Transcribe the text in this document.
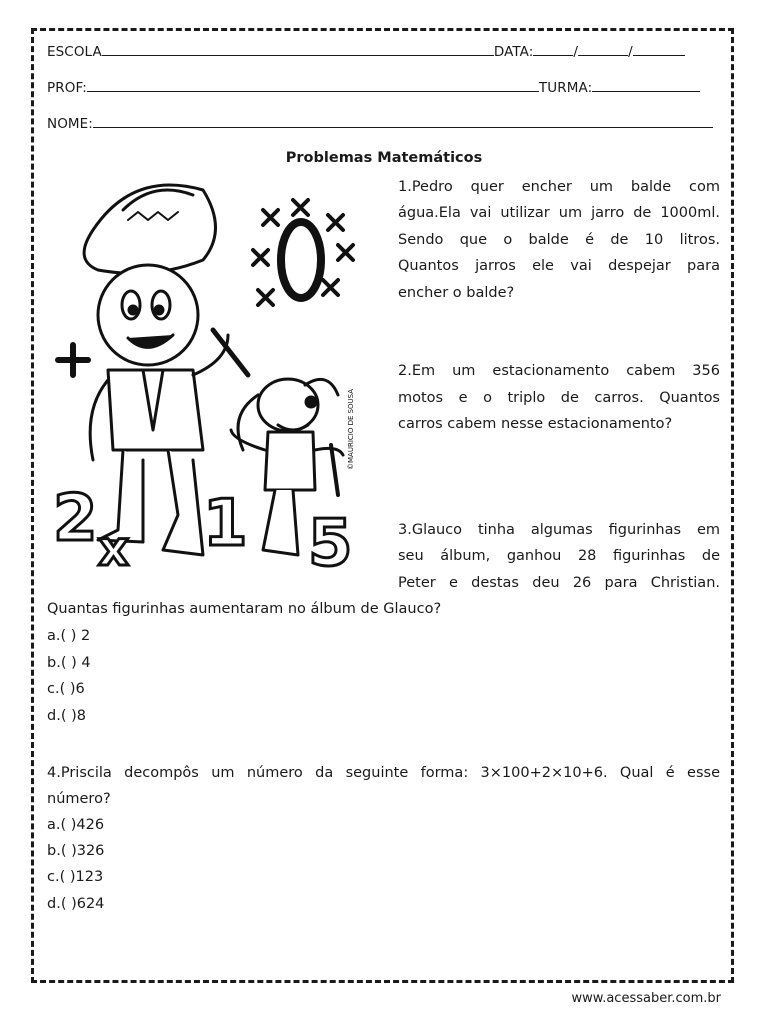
ESCOLA	DATA:	/	/
PROF:	TURMA:
NOME:
Problemas Matemáticos
2 x 1 5
©MAURICIO DE SOUSA
1.Pedro quer encher um balde com
água.Ela vai utilizar um jarro de 1000ml.
Sendo que o balde é de 10 litros.
Quantos jarros ele vai despejar para
encher o balde?
2.Em um estacionamento cabem 356
motos e o triplo de carros. Quantos
carros cabem nesse estacionamento?
3.Glauco tinha algumas figurinhas em
seu álbum, ganhou 28 figurinhas de
Peter e destas deu 26 para Christian.
Quantas figurinhas aumentaram no álbum de Glauco?
a.( ) 2
b.( ) 4
c.( )6
d.( )8
4.Priscila decompôs um número da seguinte forma: 3×100+2×10+6. Qual é esse
número?
a.( )426
b.( )326
c.( )123
d.( )624
www.acessaber.com.br
